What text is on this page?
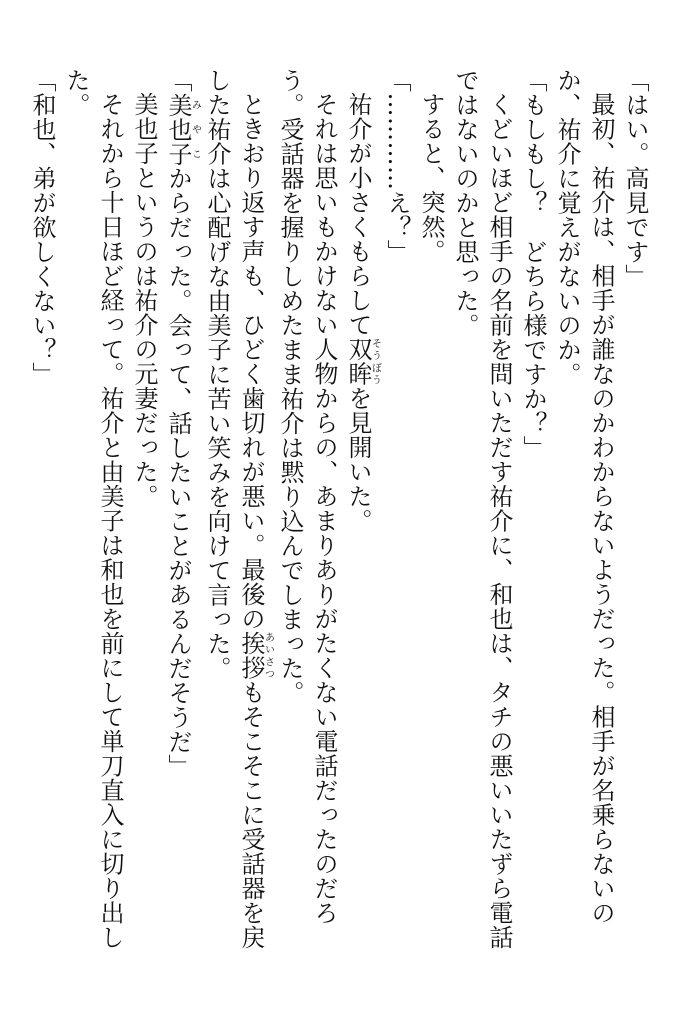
「はい。高見です」

最初、祐介は、相手が誰なのかわからないようだった。相手が名乗らないのか、祐介に覚えがないのか。

「もしもし？　どちら様ですか？」

くどいほど相手の名前を問いただす祐介に、和也は、タチの悪いいたずら電話ではないのかと思った。

すると、突然。

「…………え？」

祐介が小さくもらして双眸そうぼうを見開いた。

それは思いもかけない人物からの、あまりありがたくない電話だったのだろう。受話器を握りしめたまま祐介は黙り込んでしまった。

ときおり返す声も、ひどく歯切れが悪い。最後の挨拶あいさつもそこそこに受話器を戻した祐介は心配げな由美子に苦い笑みを向けて言った。

「美也子みやこからだった。会って、話したいことがあるんだそうだ」

美也子というのは祐介の元妻だった。

それから十日ほど経って。祐介と由美子は和也を前にして単刀直入に切り出した。

「和也、弟が欲しくない？」
